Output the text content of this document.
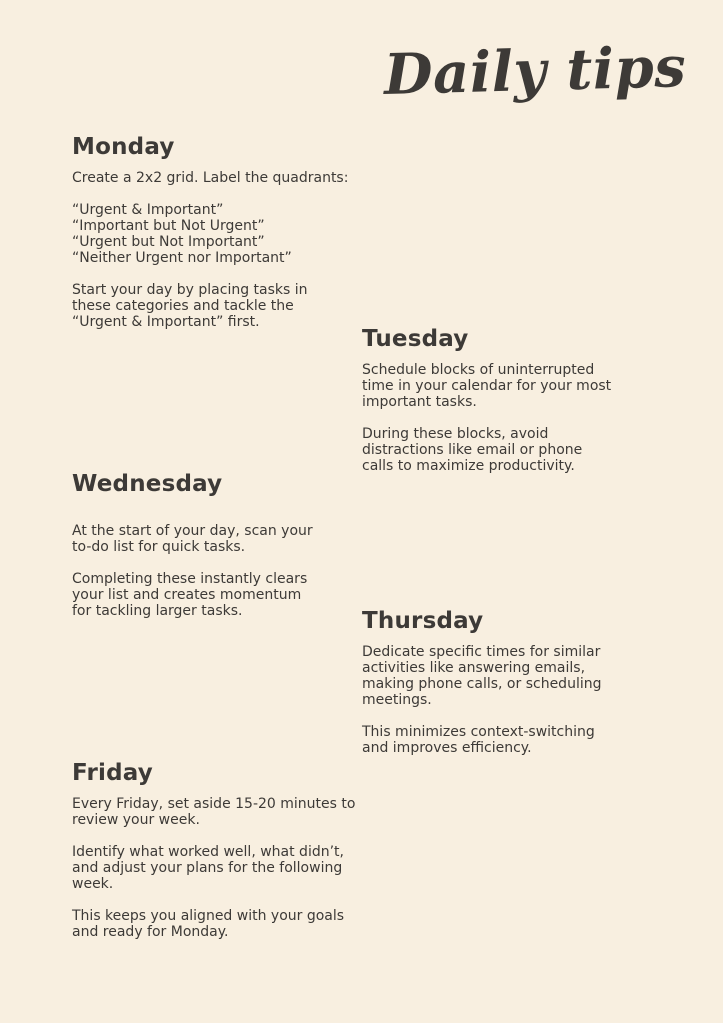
Daily tips
Monday

Create a 2x2 grid. Label the quadrants:

“Urgent & Important”
“Important but Not Urgent”
“Urgent but Not Important”
“Neither Urgent nor Important”

Start your day by placing tasks in
these categories and tackle the
“Urgent & Important” first.

Tuesday

Schedule blocks of uninterrupted
time in your calendar for your most
important tasks.

During these blocks, avoid
distractions like email or phone
calls to maximize productivity.

Wednesday

At the start of your day, scan your
to-do list for quick tasks.

Completing these instantly clears
your list and creates momentum
for tackling larger tasks.	Thursday

Dedicate specific times for similar
activities like answering emails,
making phone calls, or scheduling
meetings.

This minimizes context-switching
and improves efficiency.

Friday

Every Friday, set aside 15-20 minutes to
review your week.

Identify what worked well, what didn’t,
and adjust your plans for the following
week.

This keeps you aligned with your goals
and ready for Monday.
